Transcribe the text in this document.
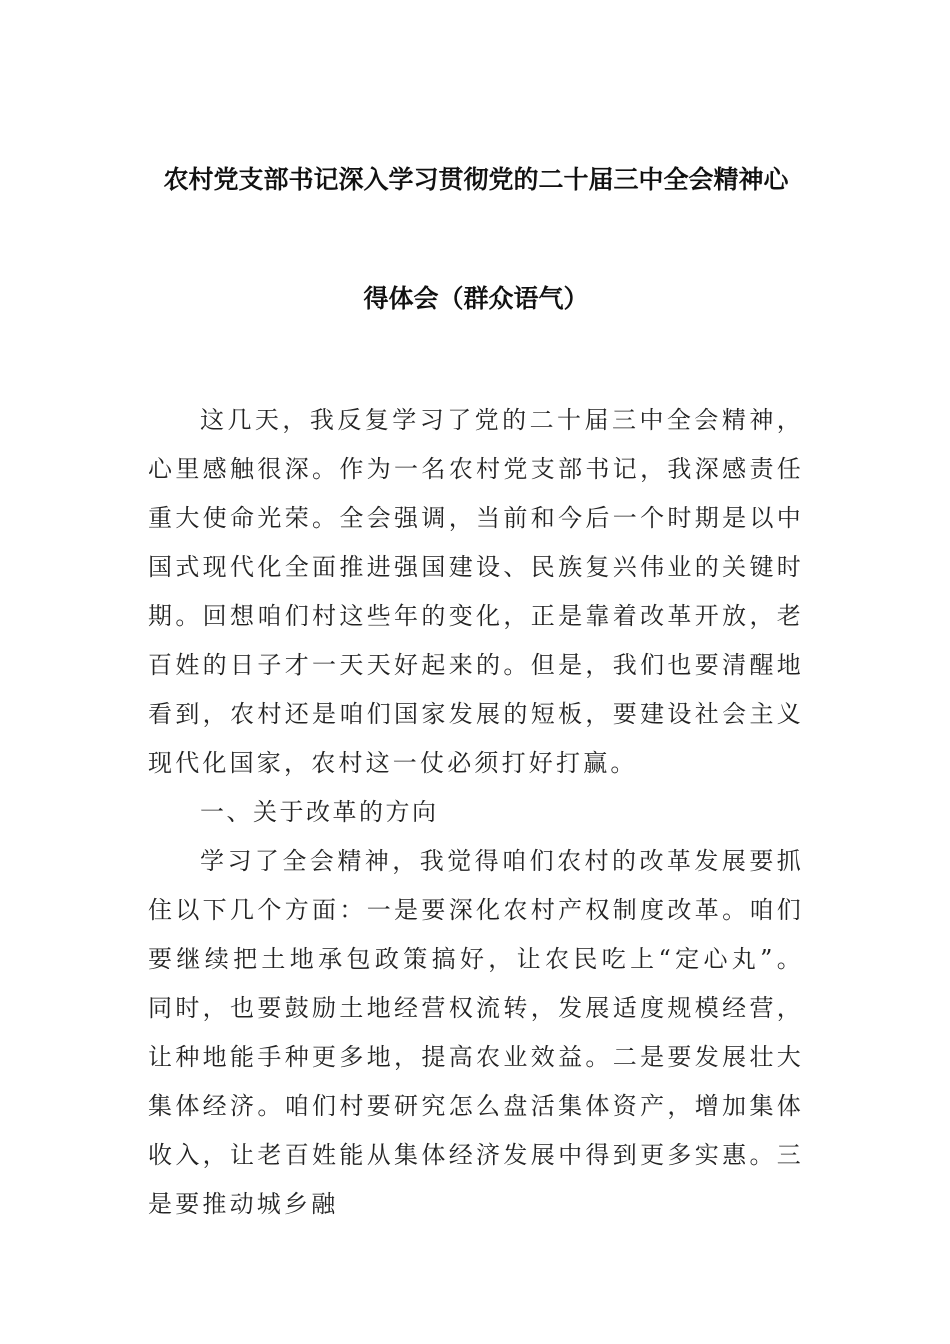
农村党支部书记深入学习贯彻党的二十届三中全会精神心
得体会（群众语气）

这几天，我反复学习了党的二十届三中全会精神，心里感触很深。作为一名农村党支部书记，我深感责任重大使命光荣。全会强调，当前和今后一个时期是以中国式现代化全面推进强国建设、民族复兴伟业的关键时期。回想咱们村这些年的变化，正是靠着改革开放，老百姓的日子才一天天好起来的。但是，我们也要清醒地看到，农村还是咱们国家发展的短板，要建设社会主义现代化国家，农村这一仗必须打好打赢。

一、关于改革的方向

学习了全会精神，我觉得咱们农村的改革发展要抓住以下几个方面：一是要深化农村产权制度改革。咱们要继续把土地承包政策搞好，让农民吃上“定心丸”。同时，也要鼓励土地经营权流转，发展适度规模经营，让种地能手种更多地，提高农业效益。二是要发展壮大集体经济。咱们村要研究怎么盘活集体资产，增加集体收入，让老百姓能从集体经济发展中得到更多实惠。三是要推动城乡融
